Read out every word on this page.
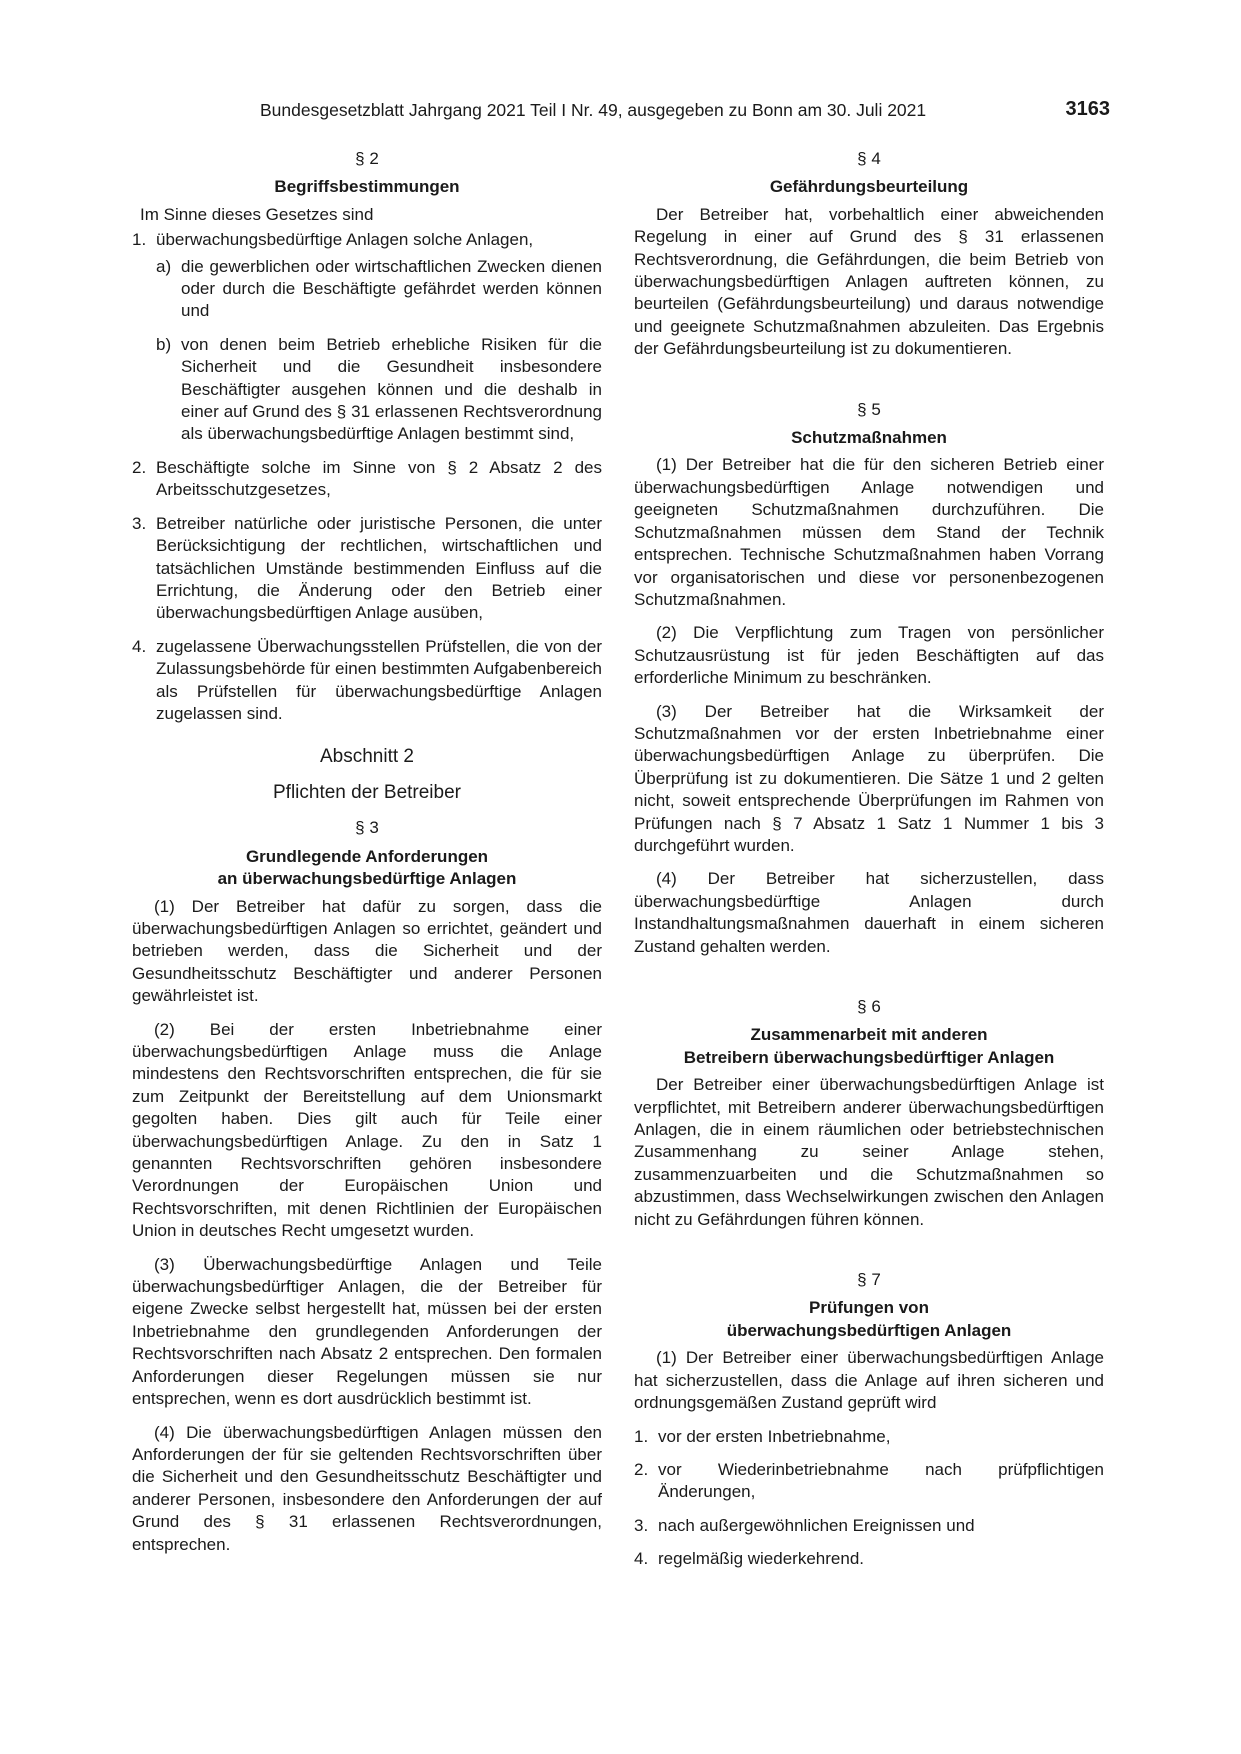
Bundesgesetzblatt Jahrgang 2021 Teil I Nr. 49, ausgegeben zu Bonn am 30. Juli 2021	3163
§ 2
Begriffsbestimmungen
Im Sinne dieses Gesetzes sind
1. überwachungsbedürftige Anlagen solche Anlagen,
a) die gewerblichen oder wirtschaftlichen Zwecken dienen oder durch die Beschäftigte gefährdet werden können und
b) von denen beim Betrieb erhebliche Risiken für die Sicherheit und die Gesundheit insbesondere Beschäftigter ausgehen können und die deshalb in einer auf Grund des § 31 erlassenen Rechtsverordnung als überwachungsbedürftige Anlagen bestimmt sind,
2. Beschäftigte solche im Sinne von § 2 Absatz 2 des Arbeitsschutzgesetzes,
3. Betreiber natürliche oder juristische Personen, die unter Berücksichtigung der rechtlichen, wirtschaftlichen und tatsächlichen Umstände bestimmenden Einfluss auf die Errichtung, die Änderung oder den Betrieb einer überwachungsbedürftigen Anlage ausüben,
4. zugelassene Überwachungsstellen Prüfstellen, die von der Zulassungsbehörde für einen bestimmten Aufgabenbereich als Prüfstellen für überwachungsbedürftige Anlagen zugelassen sind.
Abschnitt 2
Pflichten der Betreiber
§ 3
Grundlegende Anforderungen
an überwachungsbedürftige Anlagen

(1) Der Betreiber hat dafür zu sorgen, dass die überwachungsbedürftigen Anlagen so errichtet, geändert und betrieben werden, dass die Sicherheit und der Gesundheitsschutz Beschäftigter und anderer Personen gewährleistet ist.

(2) Bei der ersten Inbetriebnahme einer überwachungsbedürftigen Anlage muss die Anlage mindestens den Rechtsvorschriften entsprechen, die für sie zum Zeitpunkt der Bereitstellung auf dem Unionsmarkt gegolten haben. Dies gilt auch für Teile einer überwachungsbedürftigen Anlage. Zu den in Satz 1 genannten Rechtsvorschriften gehören insbesondere Verordnungen der Europäischen Union und Rechtsvorschriften, mit denen Richtlinien der Europäischen Union in deutsches Recht umgesetzt wurden.

(3) Überwachungsbedürftige Anlagen und Teile überwachungsbedürftiger Anlagen, die der Betreiber für eigene Zwecke selbst hergestellt hat, müssen bei der ersten Inbetriebnahme den grundlegenden Anforderungen der Rechtsvorschriften nach Absatz 2 entsprechen. Den formalen Anforderungen dieser Regelungen müssen sie nur entsprechen, wenn es dort ausdrücklich bestimmt ist.

(4) Die überwachungsbedürftigen Anlagen müssen den Anforderungen der für sie geltenden Rechtsvorschriften über die Sicherheit und den Gesundheitsschutz Beschäftigter und anderer Personen, insbesondere den Anforderungen der auf Grund des § 31 erlassenen Rechtsverordnungen, entsprechen.

§ 4
Gefährdungsbeurteilung

Der Betreiber hat, vorbehaltlich einer abweichenden Regelung in einer auf Grund des § 31 erlassenen Rechtsverordnung, die Gefährdungen, die beim Betrieb von überwachungsbedürftigen Anlagen auftreten können, zu beurteilen (Gefährdungsbeurteilung) und daraus notwendige und geeignete Schutzmaßnahmen abzuleiten. Das Ergebnis der Gefährdungsbeurteilung ist zu dokumentieren.

§ 5
Schutzmaßnahmen

(1) Der Betreiber hat die für den sicheren Betrieb einer überwachungsbedürftigen Anlage notwendigen und geeigneten Schutzmaßnahmen durchzuführen. Die Schutzmaßnahmen müssen dem Stand der Technik entsprechen. Technische Schutzmaßnahmen haben Vorrang vor organisatorischen und diese vor personenbezogenen Schutzmaßnahmen.

(2) Die Verpflichtung zum Tragen von persönlicher Schutzausrüstung ist für jeden Beschäftigten auf das erforderliche Minimum zu beschränken.

(3) Der Betreiber hat die Wirksamkeit der Schutzmaßnahmen vor der ersten Inbetriebnahme einer überwachungsbedürftigen Anlage zu überprüfen. Die Überprüfung ist zu dokumentieren. Die Sätze 1 und 2 gelten nicht, soweit entsprechende Überprüfungen im Rahmen von Prüfungen nach § 7 Absatz 1 Satz 1 Nummer 1 bis 3 durchgeführt wurden.

(4) Der Betreiber hat sicherzustellen, dass überwachungsbedürftige Anlagen durch Instandhaltungsmaßnahmen dauerhaft in einem sicheren Zustand gehalten werden.

§ 6
Zusammenarbeit mit anderen
Betreibern überwachungsbedürftiger Anlagen

Der Betreiber einer überwachungsbedürftigen Anlage ist verpflichtet, mit Betreibern anderer überwachungsbedürftigen Anlagen, die in einem räumlichen oder betriebstechnischen Zusammenhang zu seiner Anlage stehen, zusammenzuarbeiten und die Schutzmaßnahmen so abzustimmen, dass Wechselwirkungen zwischen den Anlagen nicht zu Gefährdungen führen können.

§ 7
Prüfungen von
überwachungsbedürftigen Anlagen

(1) Der Betreiber einer überwachungsbedürftigen Anlage hat sicherzustellen, dass die Anlage auf ihren sicheren und ordnungsgemäßen Zustand geprüft wird

1. vor der ersten Inbetriebnahme,
2. vor Wiederinbetriebnahme nach prüfpflichtigen Änderungen,
3. nach außergewöhnlichen Ereignissen und
4. regelmäßig wiederkehrend.
